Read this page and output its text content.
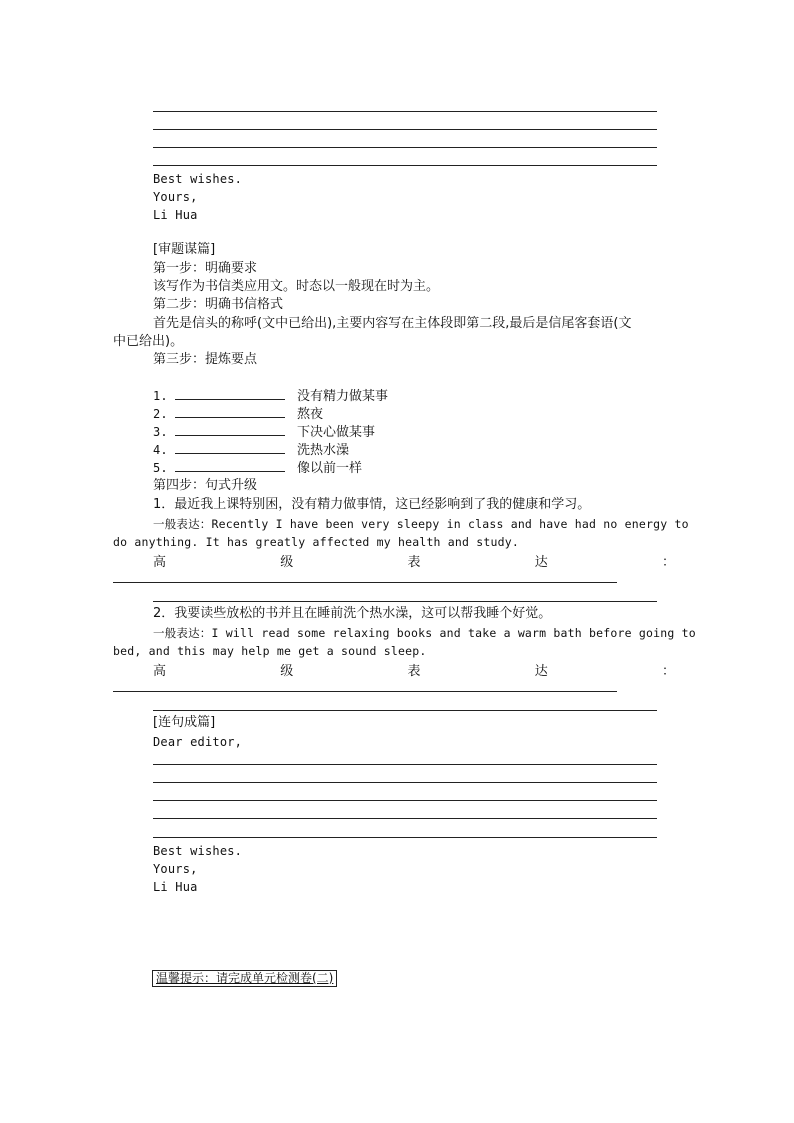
Best wishes.
Yours,
Li Hua
[审题谋篇]
第一步：明确要求
该写作为书信类应用文。时态以一般现在时为主。
第二步：明确书信格式
首先是信头的称呼(文中已给出),主要内容写在主体段即第二段,最后是信尾客套语(文
中已给出)。
第三步：提炼要点
1.	没有精力做某事
2.	熬夜
3.	下决心做某事
4.	洗热水澡
5.	像以前一样
第四步：句式升级
1．最近我上课特别困，没有精力做事情，这已经影响到了我的健康和学习。
一般表达：Recently I have been very sleepy in class and have had no energy to
do anything. It has greatly affected my health and study.
高	级	表	达	：
2．我要读些放松的书并且在睡前洗个热水澡，这可以帮我睡个好觉。
一般表达：I will read some relaxing books and take a warm bath before going to
bed, and this may help me get a sound sleep.
高	级	表	达	：
[连句成篇]
Dear editor,
Best wishes.
Yours,
Li Hua
温馨提示：请完成单元检测卷(二)
